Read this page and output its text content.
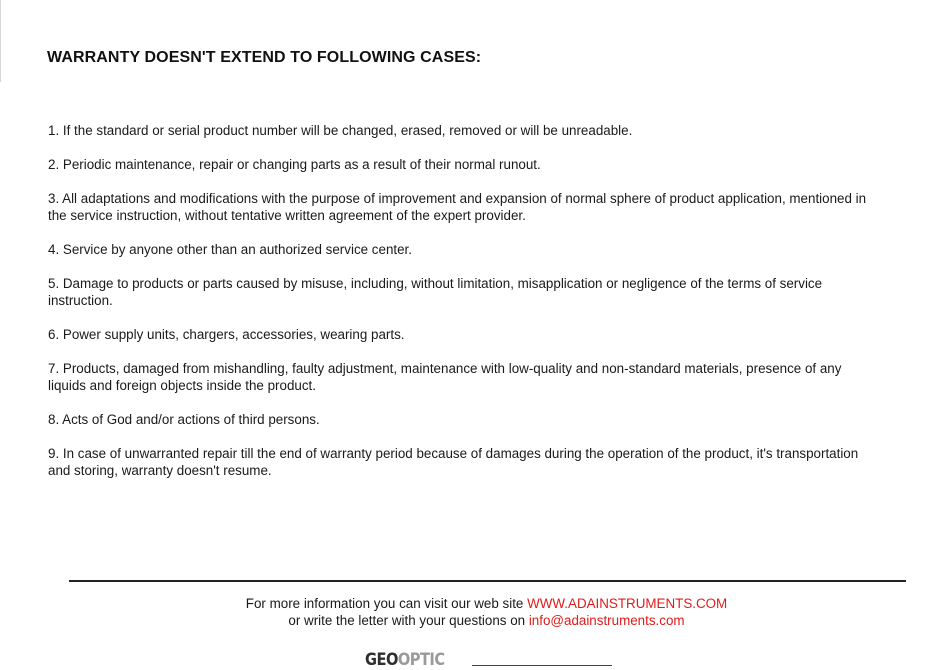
WARRANTY DOESN'T EXTEND TO FOLLOWING CASES:
1. If the standard or serial product number will be changed, erased, removed or will be unreadable.
2. Periodic maintenance, repair or changing parts as a result of their normal runout.
3. All adaptations and modifications with the purpose of improvement and expansion of normal sphere of product application, mentioned in the service instruction, without tentative written agreement of the expert provider.
4. Service by anyone other than an authorized service center.
5. Damage to products or parts caused by misuse, including, without limitation, misapplication or negligence of the terms of service instruction.
6. Power supply units, chargers, accessories, wearing parts.
7. Products, damaged from mishandling, faulty adjustment, maintenance with low-quality and non-standard materials, presence of any liquids and foreign objects inside the product.
8. Acts of God and/or actions of third persons.
9. In case of unwarranted repair till the end of warranty period because of damages during the operation of the product, it's transportation and storing, warranty doesn't resume.
For more information you can visit our web site WWW.ADAINSTRUMENTS.COM
or write the letter with your questions on info@adainstruments.com
GEOOPTIC
